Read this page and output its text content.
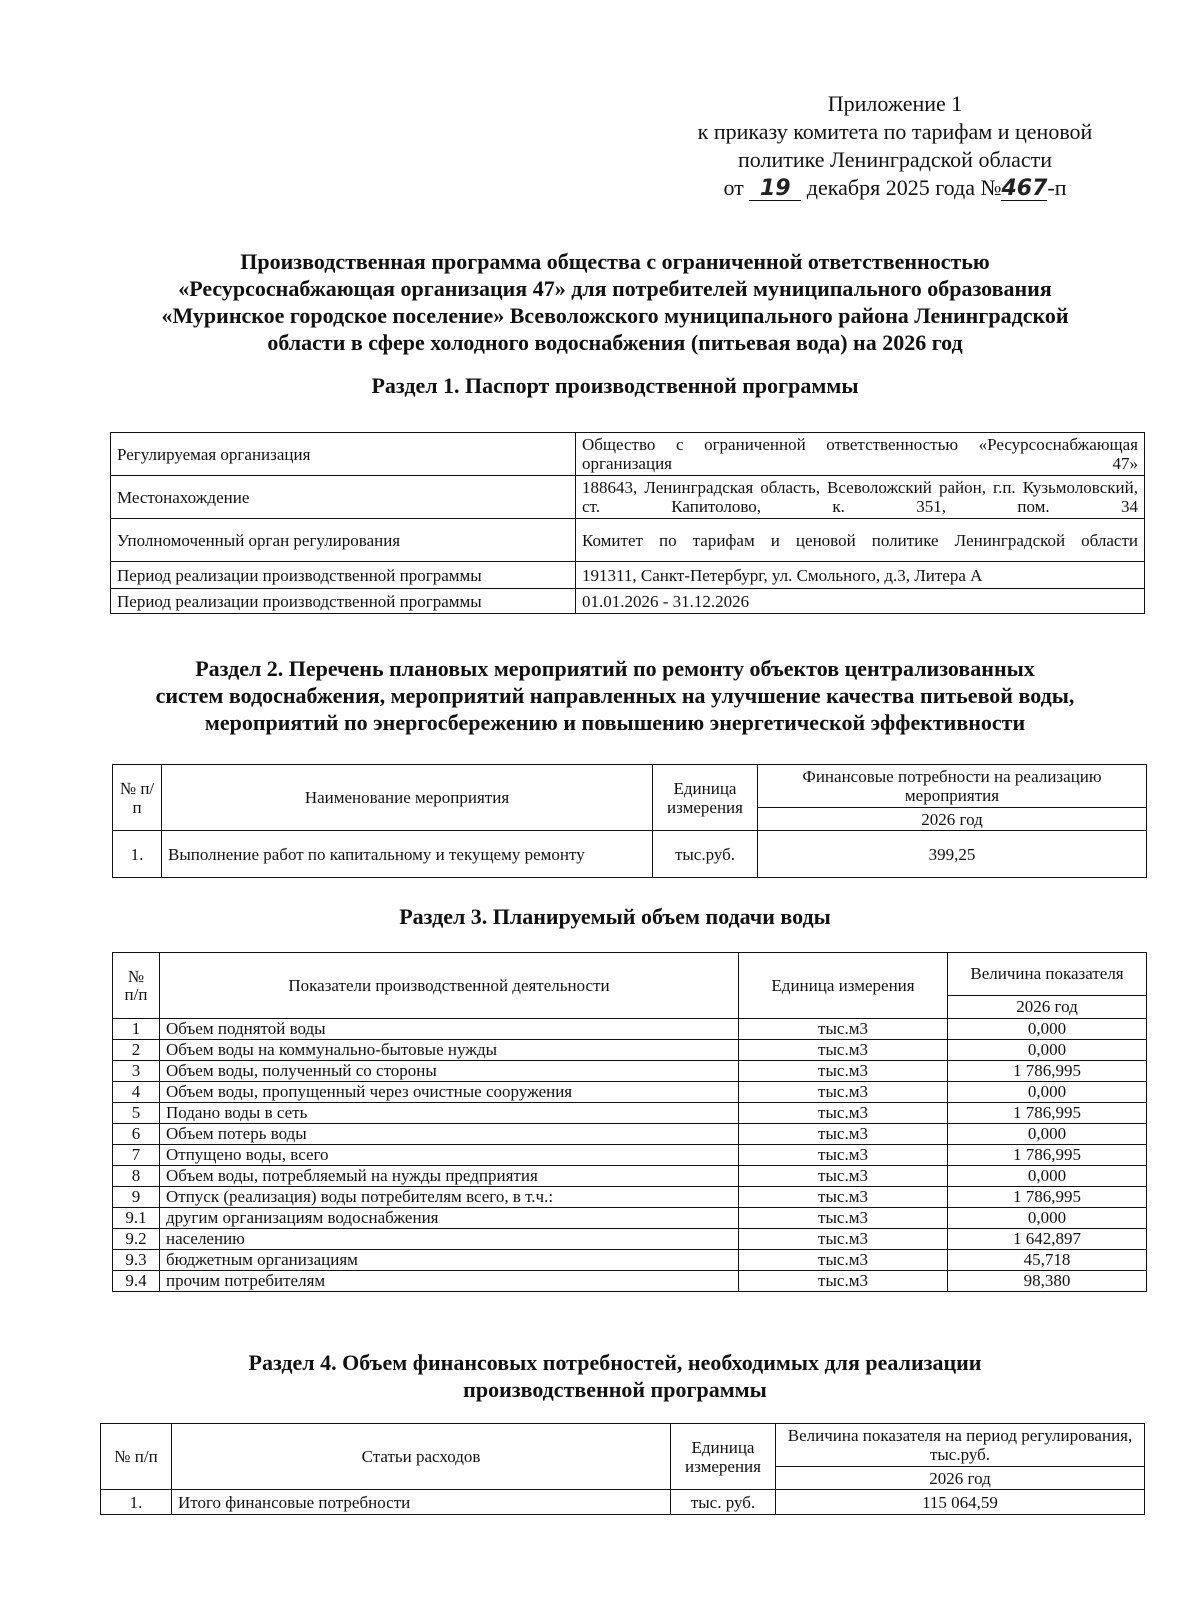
Приложение 1
к приказу комитета по тарифам и ценовой
политике Ленинградской области
от 19 декабря 2025 года №467-п
Производственная программа общества с ограниченной ответственностью
«Ресурсоснабжающая организация 47» для потребителей муниципального образования
«Муринское городское поселение» Всеволожского муниципального района Ленинградской
области в сфере холодного водоснабжения (питьевая вода) на 2026 год
Раздел 1. Паспорт производственной программы
Регулируемая организация	Общество с ограниченной ответственностью «Ресурсоснабжающая организация 47»
Местонахождение	188643, Ленинградская область, Всеволожский район, г.п. Кузьмоловский, ст. Капитолово, к. 351, пом. 34
Уполномоченный орган регулирования	Комитет по тарифам и ценовой политике Ленинградской области
Период реализации производственной программы	191311, Санкт-Петербург, ул. Смольного, д.3, Литера А
Период реализации производственной программы	01.01.2026 - 31.12.2026
Раздел 2. Перечень плановых мероприятий по ремонту объектов централизованных
систем водоснабжения, мероприятий направленных на улучшение качества питьевой воды,
мероприятий по энергосбережению и повышению энергетической эффективности
№ п/п	Наименование мероприятия	Единица измерения	Финансовые потребности на реализацию мероприятия
			2026 год
1.	Выполнение работ по капитальному и текущему ремонту	тыс.руб.	399,25
Раздел 3. Планируемый объем подачи воды
№ п/п	Показатели производственной деятельности	Единица измерения	Величина показателя
			2026 год
1	Объем поднятой воды	тыс.м3	0,000
2	Объем воды на коммунально-бытовые нужды	тыс.м3	0,000
3	Объем воды, полученный со стороны	тыс.м3	1 786,995
4	Объем воды, пропущенный через очистные сооружения	тыс.м3	0,000
5	Подано воды в сеть	тыс.м3	1 786,995
6	Объем потерь воды	тыс.м3	0,000
7	Отпущено воды, всего	тыс.м3	1 786,995
8	Объем воды, потребляемый на нужды предприятия	тыс.м3	0,000
9	Отпуск (реализация) воды потребителям всего, в т.ч.:	тыс.м3	1 786,995
9.1	другим организациям водоснабжения	тыс.м3	0,000
9.2	населению	тыс.м3	1 642,897
9.3	бюджетным организациям	тыс.м3	45,718
9.4	прочим потребителям	тыс.м3	98,380
Раздел 4. Объем финансовых потребностей, необходимых для реализации
производственной программы
№ п/п	Статьи расходов	Единица измерения	Величина показателя на период регулирования, тыс.руб.
			2026 год
1.	Итого финансовые потребности	тыс. руб.	115 064,59
